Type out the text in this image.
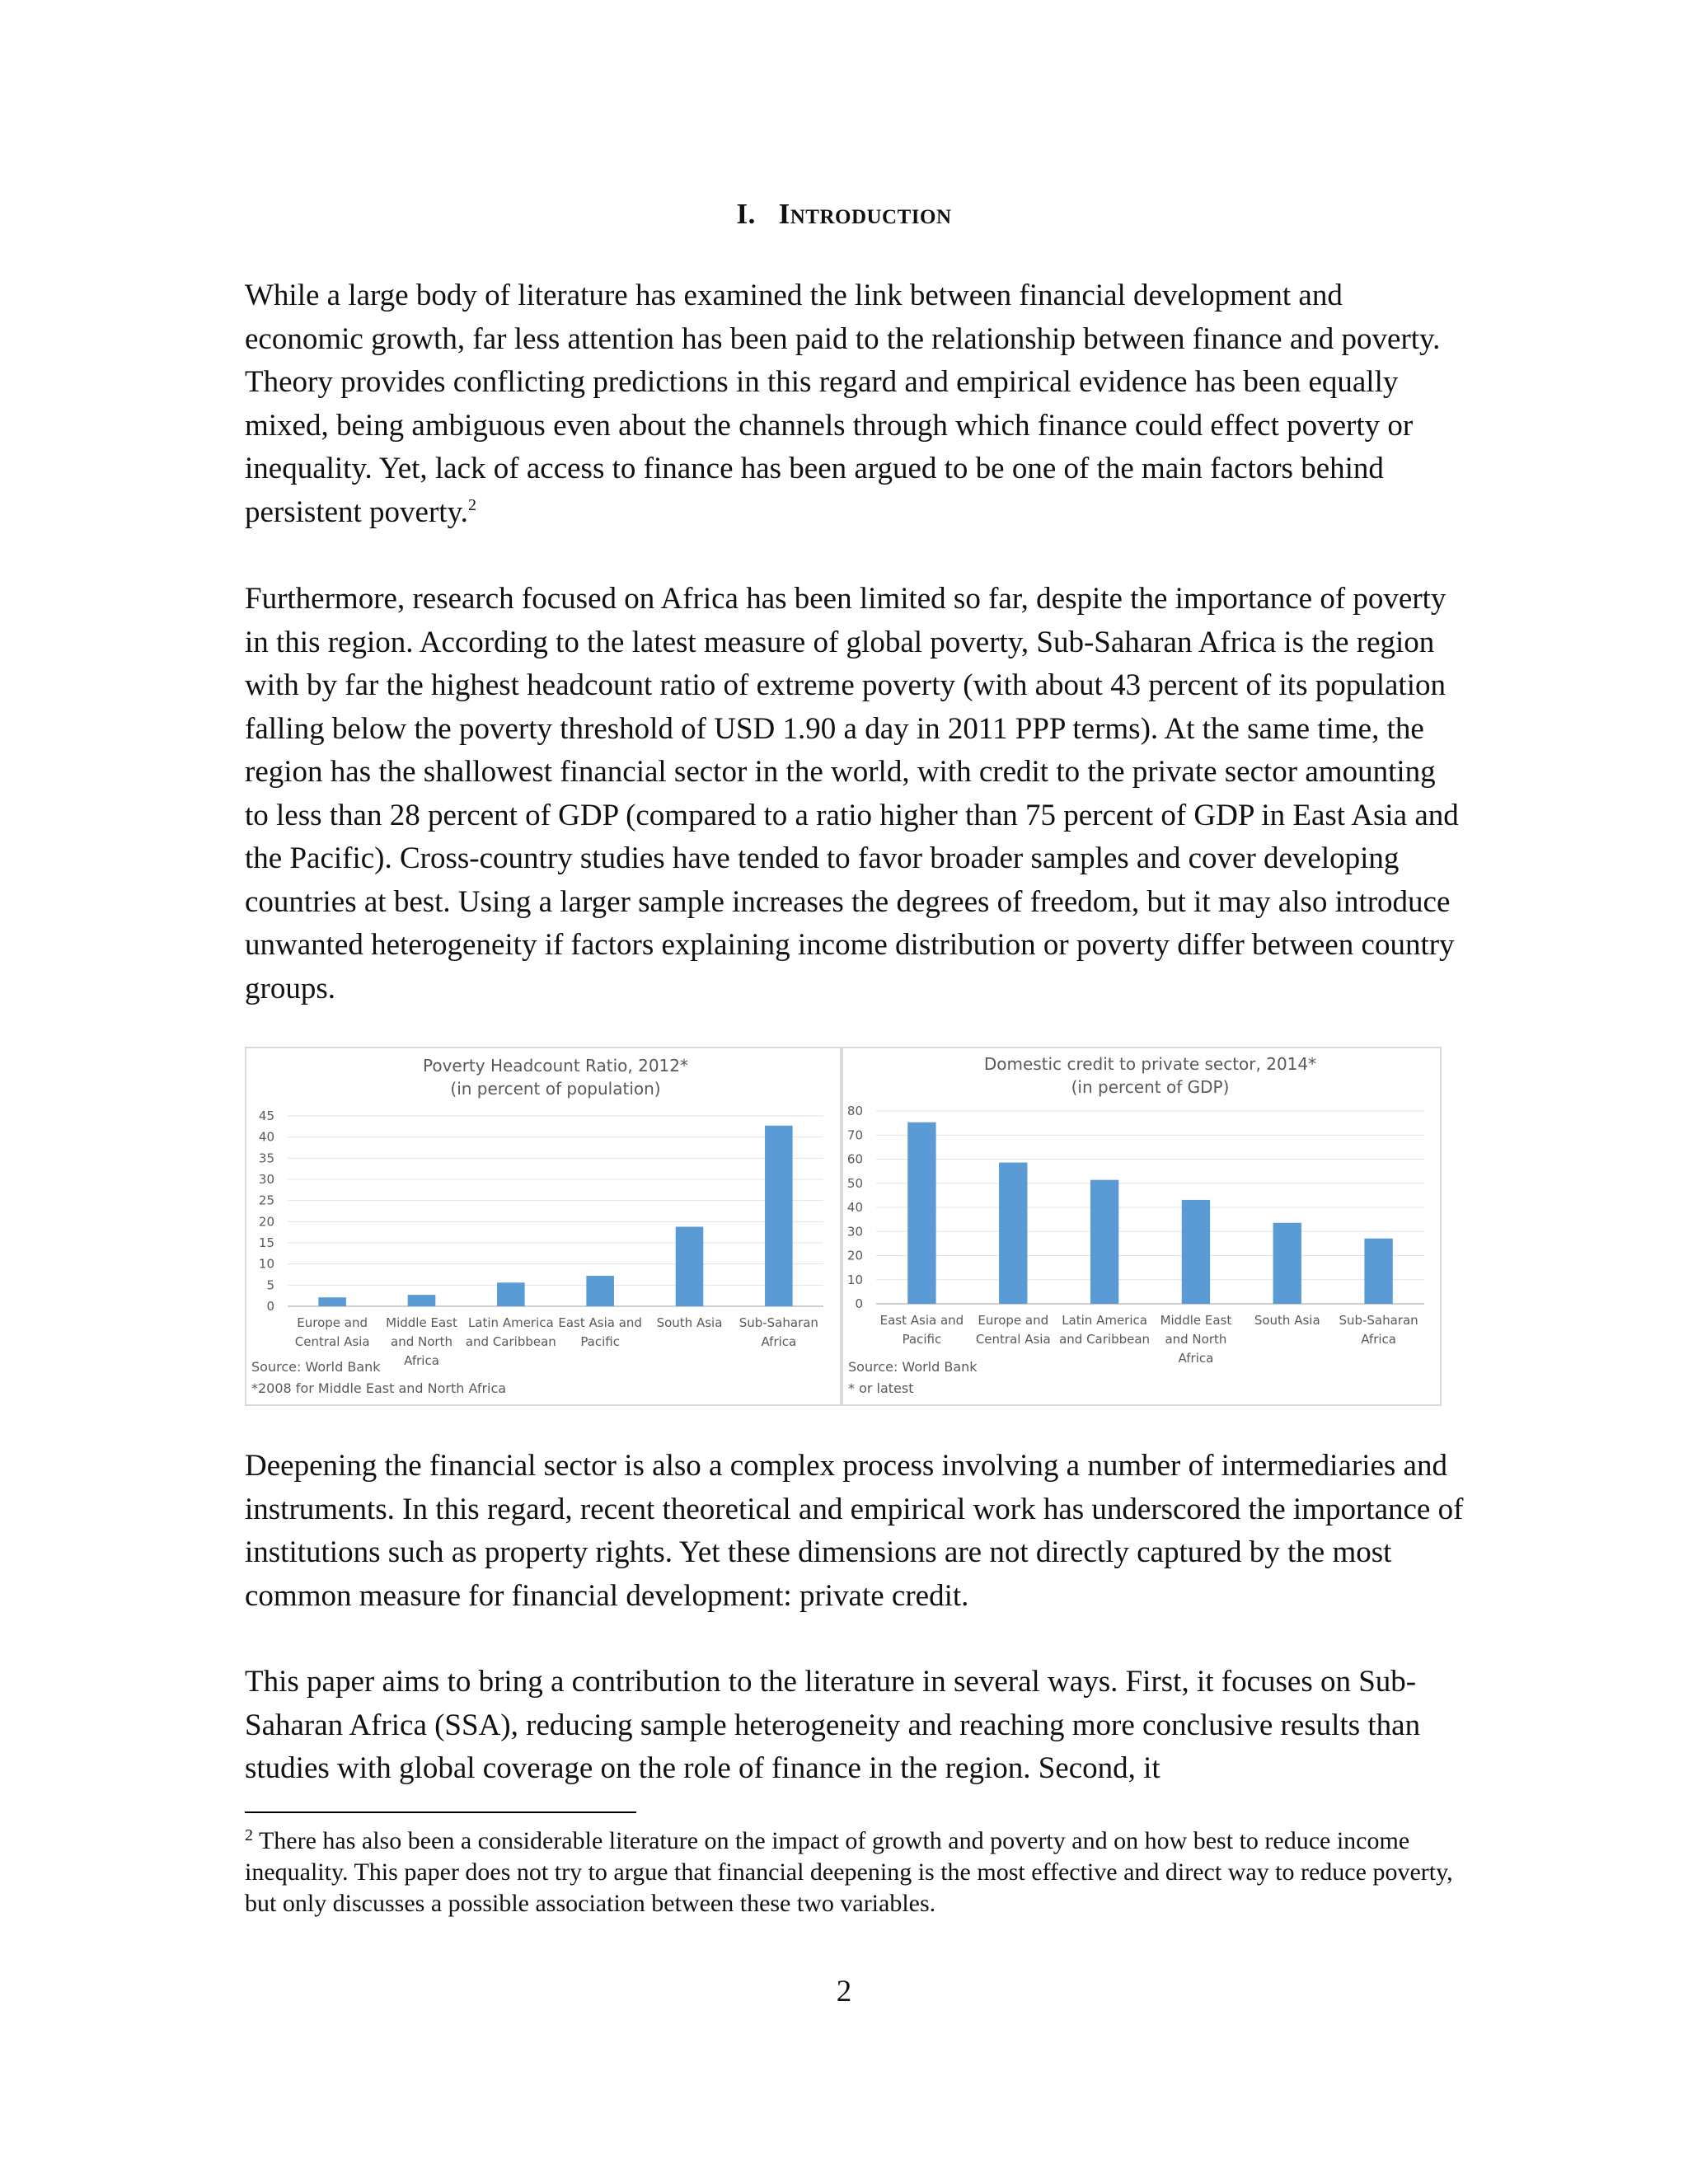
I. Introduction

While a large body of literature has examined the link between financial development and economic growth, far less attention has been paid to the relationship between finance and poverty. Theory provides conflicting predictions in this regard and empirical evidence has been equally mixed, being ambiguous even about the channels through which finance could effect poverty or inequality. Yet, lack of access to finance has been argued to be one of the main factors behind persistent poverty.$^2$

Furthermore, research focused on Africa has been limited so far, despite the importance of poverty in this region. According to the latest measure of global poverty, Sub-Saharan Africa is the region with by far the highest headcount ratio of extreme poverty (with about 43 percent of its population falling below the poverty threshold of USD 1.90 a day in 2011 PPP terms). At the same time, the region has the shallowest financial sector in the world, with credit to the private sector amounting to less than 28 percent of GDP (compared to a ratio higher than 75 percent of GDP in East Asia and the Pacific). Cross-country studies have tended to favor broader samples and cover developing countries at best. Using a larger sample increases the degrees of freedom, but it may also introduce unwanted heterogeneity if factors explaining income distribution or poverty differ between country groups.

Poverty Headcount Ratio, 2012*
(in percent of population)
0
5
10
15
20
25
30
35
40
45
Europe and
Central Asia
Middle East
and North
Africa
Latin America
and Caribbean
East Asia and
Pacific
South Asia Sub-Saharan
Africa
Source: World Bank
*2008 for Middle East and North Africa
Domestic credit to private sector, 2014*
(in percent of GDP)
0
10
20
30
40
50
60
70
80
East Asia and
Pacific
Europe and
Central Asia
Latin America
and Caribbean
Middle East
and North
Africa
South Asia Sub-Saharan
Africa
Source: World Bank
* or latest

Deepening the financial sector is also a complex process involving a number of intermediaries and instruments. In this regard, recent theoretical and empirical work has underscored the importance of institutions such as property rights. Yet these dimensions are not directly captured by the most common measure for financial development: private credit.

This paper aims to bring a contribution to the literature in several ways. First, it focuses on Sub-Saharan Africa (SSA), reducing sample heterogeneity and reaching more conclusive results than studies with global coverage on the role of finance in the region. Second, it

$^2$ There has also been a considerable literature on the impact of growth and poverty and on how best to reduce income inequality. This paper does not try to argue that financial deepening is the most effective and direct way to reduce poverty, but only discusses a possible association between these two variables.

2
